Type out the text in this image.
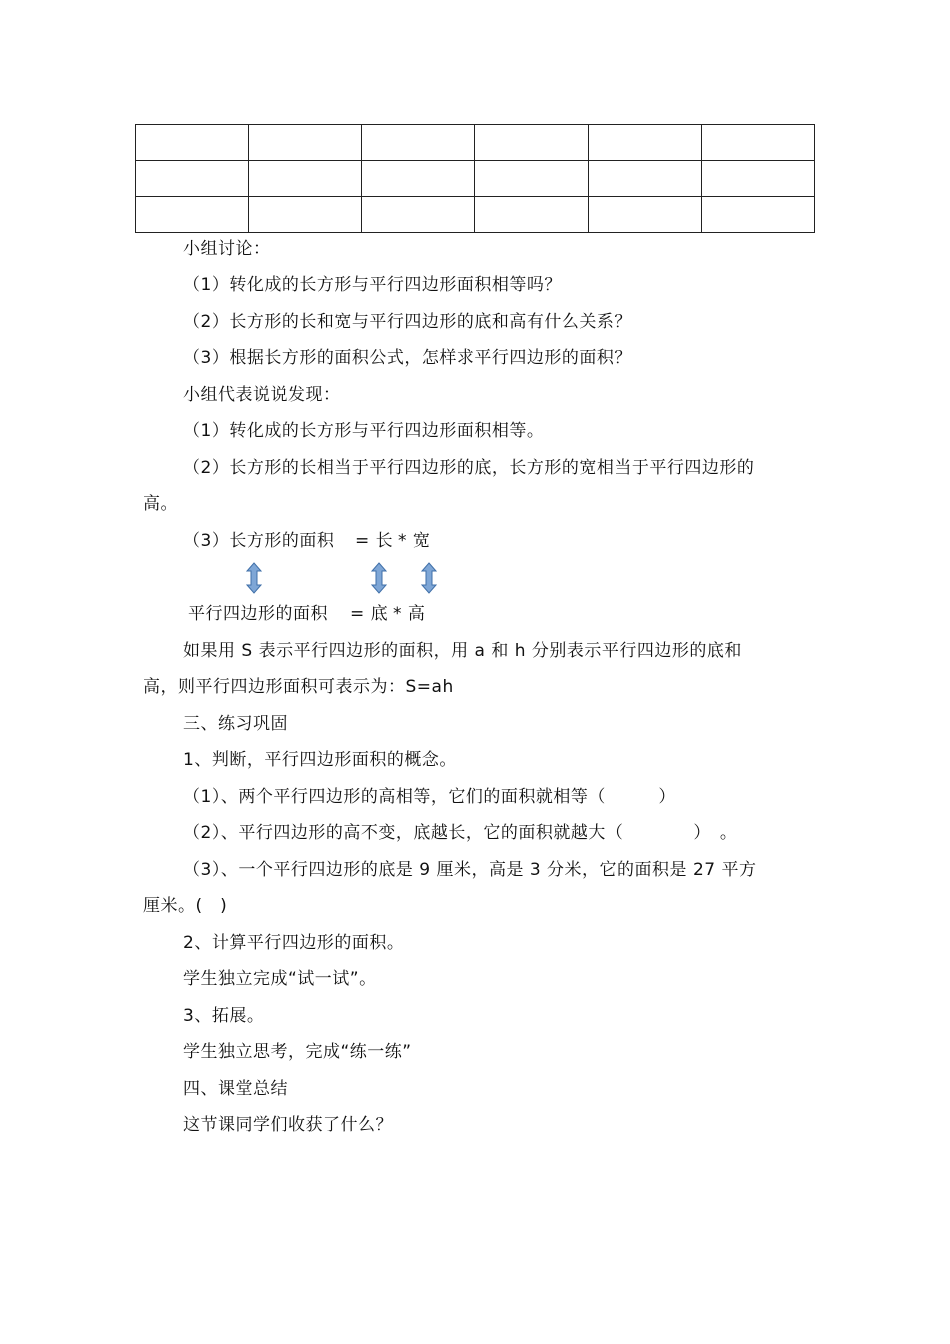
小组讨论：
（1）转化成的长方形与平行四边形面积相等吗？
（2）长方形的长和宽与平行四边形的底和高有什么关系？
（3）根据长方形的面积公式，怎样求平行四边形的面积？
小组代表说说发现：
（1）转化成的长方形与平行四边形面积相等。
（2）长方形的长相当于平行四边形的底，长方形的宽相当于平行四边形的
高。
（3）长方形的面积 = 长 * 宽
平行四边形的面积 = 底 * 高
如果用 S 表示平行四边形的面积，用 a 和 h 分别表示平行四边形的底和
高，则平行四边形面积可表示为：S=ah
三、练习巩固
1、判断，平行四边形面积的概念。
（1）、两个平行四边形的高相等，它们的面积就相等（　　　）
（2）、平行四边形的高不变，底越长，它的面积就越大（　　　　）　。
（3）、一个平行四边形的底是 9 厘米，高是 3 分米，它的面积是 27 平方
厘米。(　)
2、计算平行四边形的面积。
学生独立完成“试一试”。
3、拓展。
学生独立思考，完成“练一练”
四、课堂总结
这节课同学们收获了什么？
